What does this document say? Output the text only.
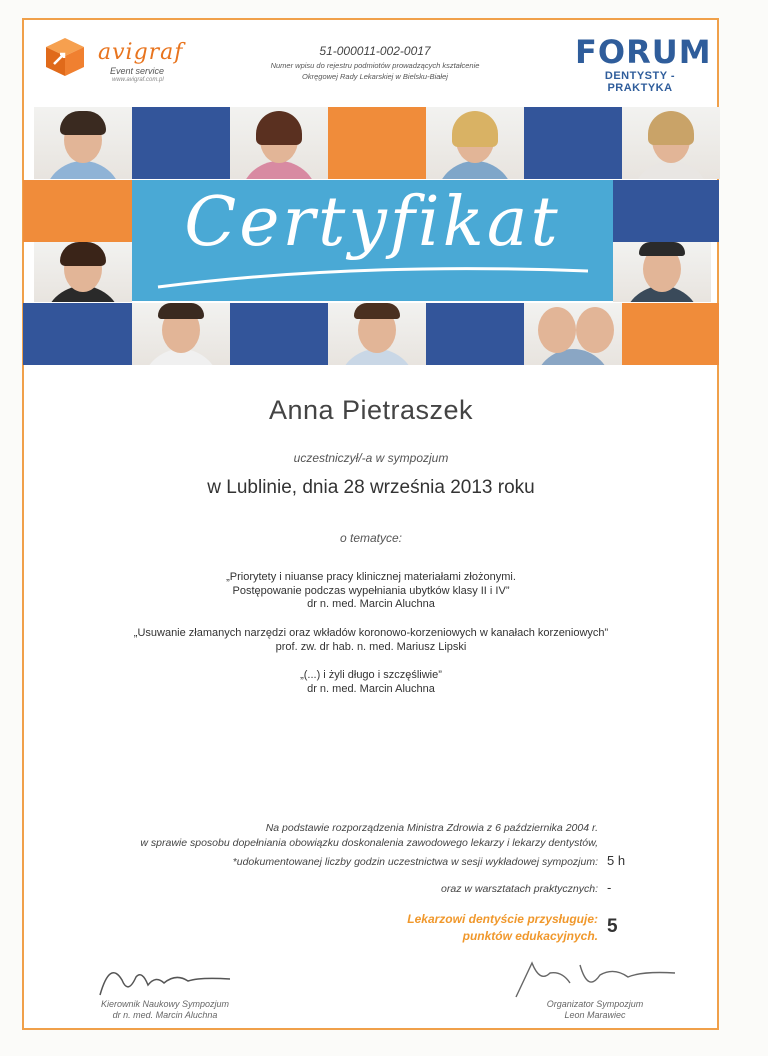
avigraf
Event service
www.avigraf.com.pl
51-000011-002-0017
Numer wpisu do rejestru podmiotów prowadzących kształcenie
Okręgowej Rady Lekarskiej w Bielsku-Białej
FORUM
DENTYSTY - PRAKTYKA
Certyfikat
Anna Pietraszek
uczestniczył/-a w sympozjum
w Lublinie, dnia 28 września 2013 roku
o tematyce:
„Priorytety i niuanse pracy klinicznej materiałami złożonymi.
Postępowanie podczas wypełniania ubytków klasy II i IV”
dr n. med. Marcin Aluchna
„Usuwanie złamanych narzędzi oraz wkładów koronowo-korzeniowych w kanałach korzeniowych”
prof. zw. dr hab. n. med. Mariusz Lipski
„(...) i żyli długo i szczęśliwie”
dr n. med. Marcin Aluchna
Na podstawie rozporządzenia Ministra Zdrowia z 6 października 2004 r.
w sprawie sposobu dopełniania obowiązku doskonalenia zawodowego lekarzy i lekarzy dentystów,
*udokumentowanej liczby godzin uczestnictwa w sesji wykładowej sympozjum: 5 h
oraz w warsztatach praktycznych: -
Lekarzowi dentyście przysługuje:
punktów edukacyjnych. 5
Kierownik Naukowy Sympozjum
dr n. med. Marcin Aluchna
Organizator Sympozjum
Leon Marawiec
